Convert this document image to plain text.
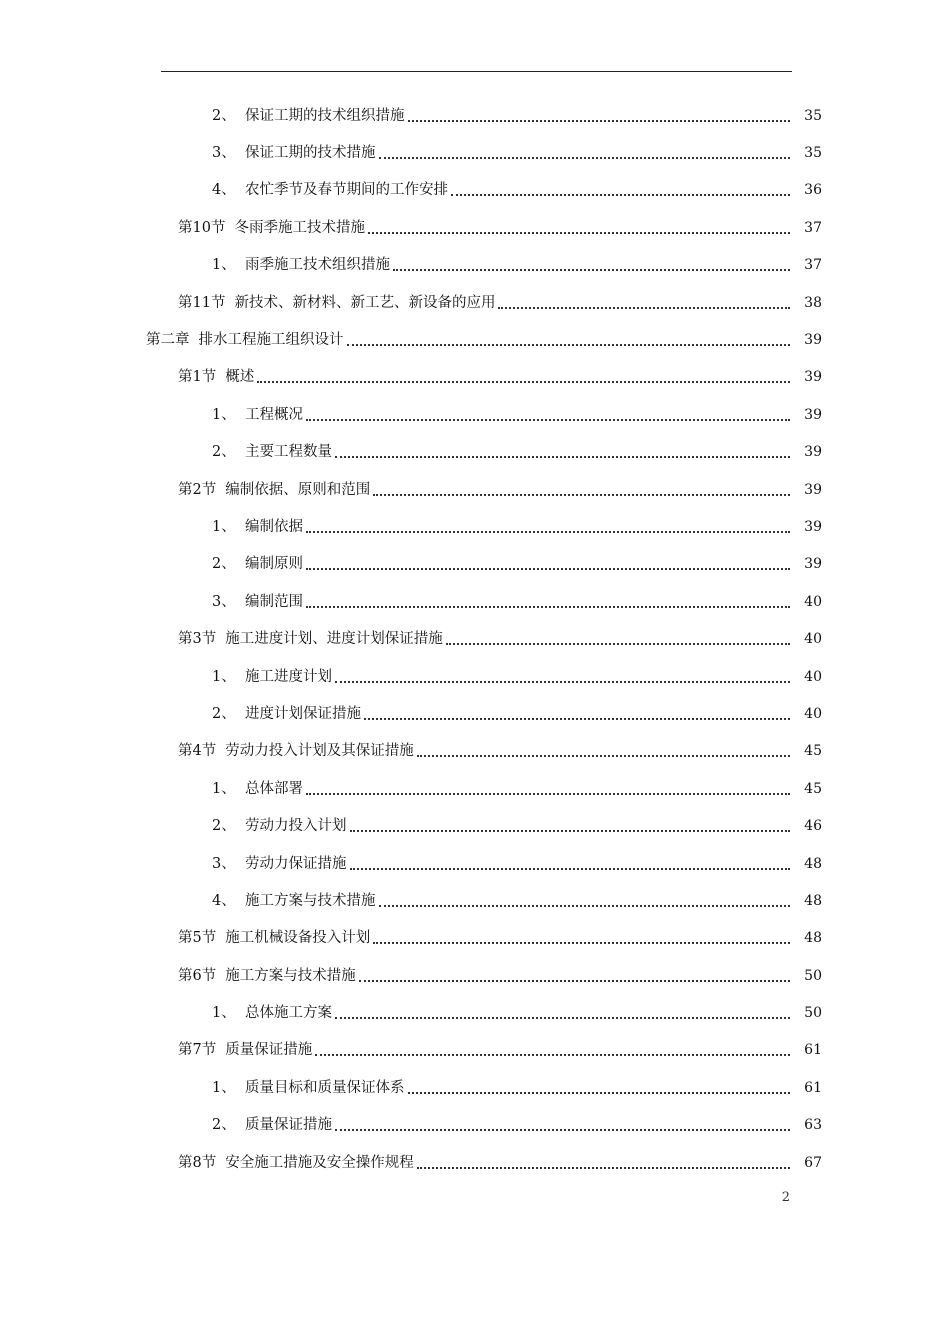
2、 保证工期的技术组织措施	35
3、 保证工期的技术措施	35
4、 农忙季节及春节期间的工作安排	36
第10节 冬雨季施工技术措施	37
1、 雨季施工技术组织措施	37
第11节 新技术、新材料、新工艺、新设备的应用	38
第二章 排水工程施工组织设计	39
第1节 概述	39
1、 工程概况	39
2、 主要工程数量	39
第2节 编制依据、原则和范围	39
1、 编制依据	39
2、 编制原则	39
3、 编制范围	40
第3节 施工进度计划、进度计划保证措施	40
1、 施工进度计划	40
2、 进度计划保证措施	40
第4节 劳动力投入计划及其保证措施	45
1、 总体部署	45
2、 劳动力投入计划	46
3、 劳动力保证措施	48
4、 施工方案与技术措施	48
第5节 施工机械设备投入计划	48
第6节 施工方案与技术措施	50
1、 总体施工方案	50
第7节 质量保证措施	61
1、 质量目标和质量保证体系	61
2、 质量保证措施	63
第8节 安全施工措施及安全操作规程	67
2
